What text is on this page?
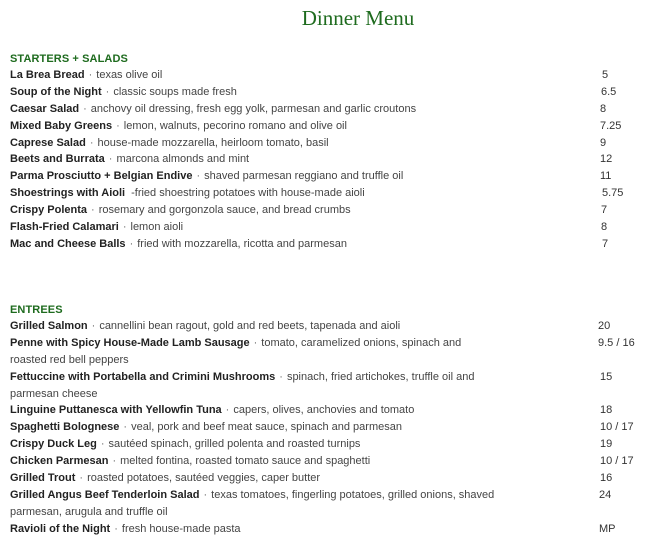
Dinner Menu
STARTERS + SALADS
La Brea Bread · texas olive oil	5
Soup of the Night · classic soups made fresh	6.5
Caesar Salad · anchovy oil dressing, fresh egg yolk, parmesan and garlic croutons	8
Mixed Baby Greens · lemon, walnuts, pecorino romano and olive oil	7.25
Caprese Salad · house-made mozzarella, heirloom tomato, basil	9
Beets and Burrata · marcona almonds and mint	12
Parma Prosciutto + Belgian Endive · shaved parmesan reggiano and truffle oil	11
Shoestrings with Aioli -fried shoestring potatoes with house-made aioli	5.75
Crispy Polenta · rosemary and gorgonzola sauce, and bread crumbs	7
Flash-Fried Calamari · lemon aioli	8
Mac and Cheese Balls · fried with mozzarella, ricotta and parmesan	7
ENTREES
Grilled Salmon · cannellini bean ragout, gold and red beets, tapenada and aioli	20
Penne with Spicy House-Made Lamb Sausage · tomato, caramelized onions, spinach and roasted red bell peppers
9.5 / 16
Fettuccine with Portabella and Crimini Mushrooms · spinach, fried artichokes, truffle oil and parmesan cheese
15
Linguine Puttanesca with Yellowfin Tuna · capers, olives, anchovies and tomato	18
Spaghetti Bolognese · veal, pork and beef meat sauce, spinach and parmesan	10 / 17
Crispy Duck Leg · sautéed spinach, grilled polenta and roasted turnips	19
Chicken Parmesan · melted fontina, roasted tomato sauce and spaghetti	10 / 17
Grilled Trout · roasted potatoes, sautéed veggies, caper butter	16
Grilled Angus Beef Tenderloin Salad · texas tomatoes, fingerling potatoes, grilled onions, shaved parmesan, arugula and truffle oil
24
Ravioli of the Night · fresh house-made pasta	MP
